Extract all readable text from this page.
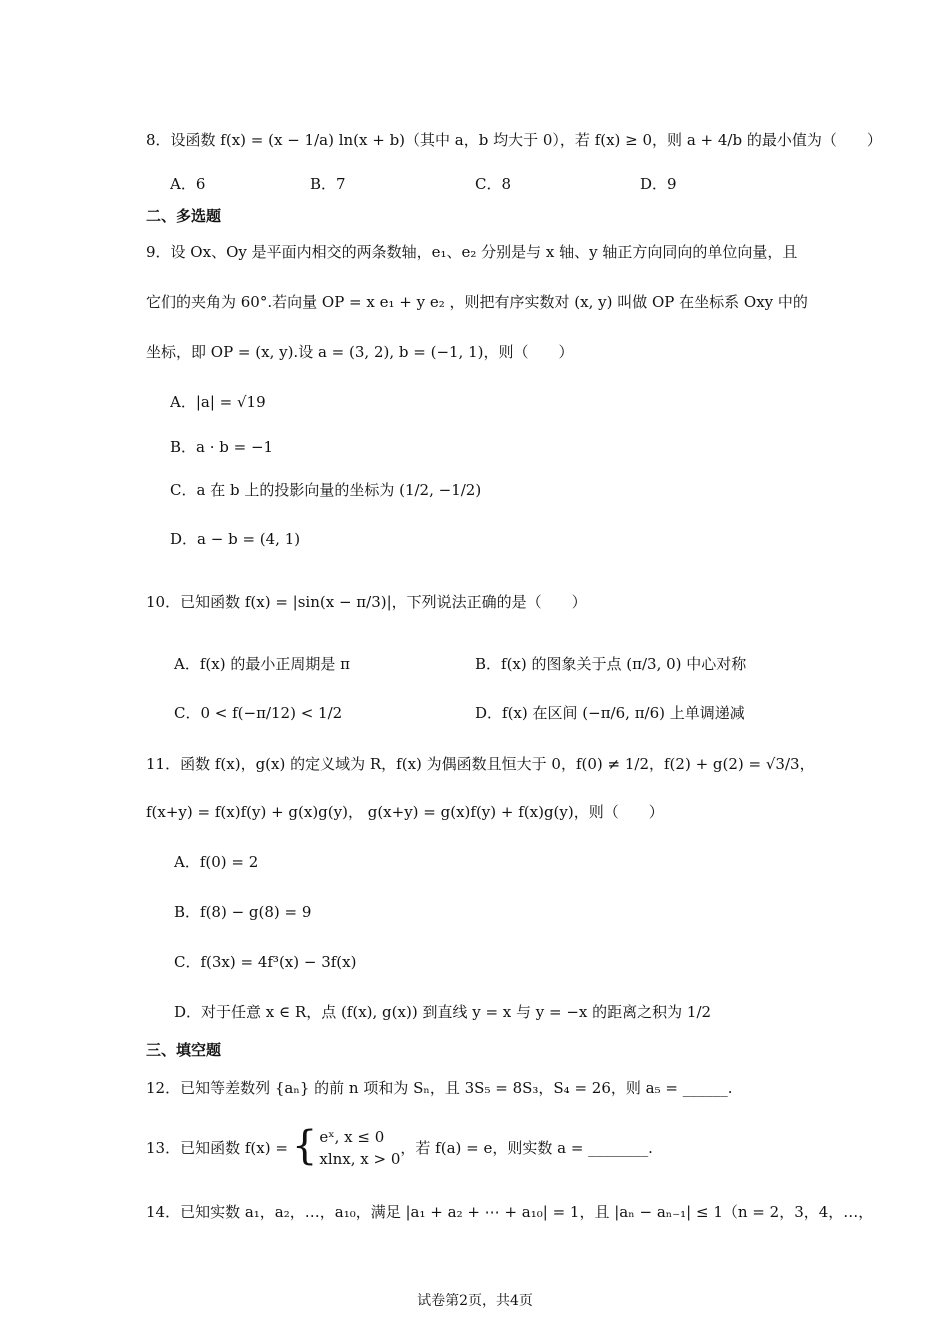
8．设函数 f(x) = (x − 1/a) ln(x + b)（其中 a，b 均大于 0），若 f(x) ≥ 0，则 a + 4/b 的最小值为（　　）
A．6	B．7	C．8	D．9
二、多选题
9．设 Ox、Oy 是平面内相交的两条数轴，e₁、e₂ 分别是与 x 轴、y 轴正方向同向的单位向量，且
它们的夹角为 60°.若向量 OP = x e₁ + y e₂ ，则把有序实数对 (x, y) 叫做 OP 在坐标系 Oxy 中的
坐标，即 OP = (x, y).设 a = (3, 2), b = (−1, 1)，则（　　）
A．|a| = √19
B．a · b = −1
C．a 在 b 上的投影向量的坐标为 (1/2, −1/2)
D．a − b = (4, 1)
10．已知函数 f(x) = |sin(x − π/3)|，下列说法正确的是（　　）
A．f(x) 的最小正周期是 π	B．f(x) 的图象关于点 (π/3, 0) 中心对称
C．0 < f(−π/12) < 1/2	D．f(x) 在区间 (−π/6, π/6) 上单调递减
11．函数 f(x)，g(x) 的定义域为 R，f(x) 为偶函数且恒大于 0，f(0) ≠ 1/2，f(2) + g(2) = √3/3，
f(x+y) = f(x)f(y) + g(x)g(y)， g(x+y) = g(x)f(y) + f(x)g(y)，则（　　）
A．f(0) = 2
B．f(8) − g(8) = 9
C．f(3x) = 4f³(x) − 3f(x)
D．对于任意 x ∈ R，点 (f(x), g(x)) 到直线 y = x 与 y = −x 的距离之积为 1/2
三、填空题
12．已知等差数列 {aₙ} 的前 n 项和为 Sₙ，且 3S₅ = 8S₃，S₄ = 26，则 a₅ = ______.
13．已知函数 f(x) = { eˣ, x ≤ 0
xlnx, x > 0
，若 f(a) = e，则实数 a = ________.
14．已知实数 a₁，a₂，…，a₁₀，满足 |a₁ + a₂ + ⋯ + a₁₀| = 1，且 |aₙ − aₙ₋₁| ≤ 1（n = 2，3，4，…，
试卷第2页，共4页
